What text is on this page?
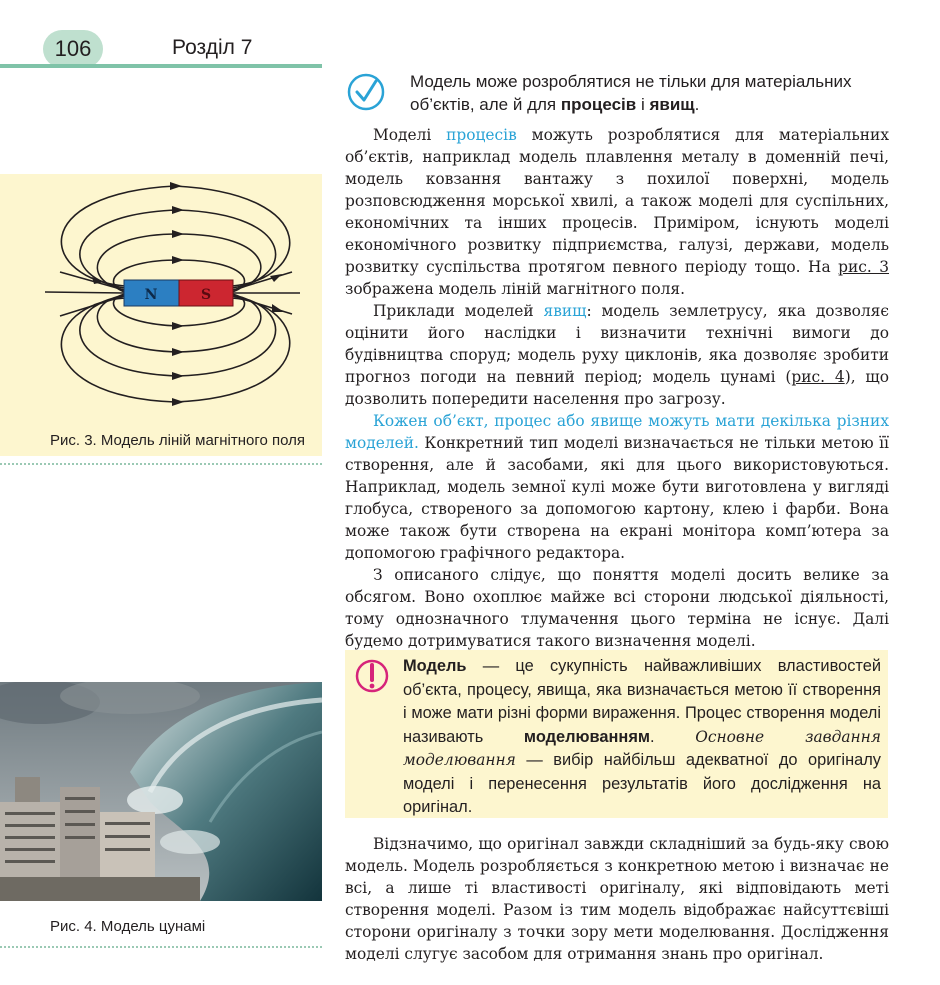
106	Розділ 7
N	S
Рис. 3. Модель ліній магнітного поля
Рис. 4. Модель цунамі
Модель може розроблятися не тільки для матеріальних об’єктів, але й для процесів і явищ.

Моделі процесів можуть розроблятися для матеріальних об’єктів, наприклад модель плавлення металу в доменній печі, модель ковзання вантажу з похилої поверхні, модель розповсюдження морської хвилі, а також моделі для суспільних, економічних та інших процесів. Приміром, існують моделі економічного розвитку підприємства, галузі, держави, модель розвитку суспільства протягом певного періоду тощо. На рис. 3 зображена модель ліній магнітного поля.

Приклади моделей явищ: модель землетрусу, яка дозволяє оцінити його наслідки і визначити технічні вимоги до будівництва споруд; модель руху циклонів, яка дозволяє зробити прогноз погоди на певний період; модель цунамі (рис. 4), що дозволить попередити населення про загрозу.

Кожен об’єкт, процес або явище можуть мати декілька різних моделей. Конкретний тип моделі визначається не тільки метою її створення, але й засобами, які для цього використовуються. Наприклад, модель земної кулі може бути виготовлена у вигляді глобуса, створеного за допомогою картону, клею і фарби. Вона може також бути створена на екрані монітора комп’ютера за допомогою графічного редактора.

З описаного слідує, що поняття моделі досить велике за обсягом. Воно охоплює майже всі сторони людської діяльності, тому однозначного тлумачення цього терміна не існує. Далі будемо дотримуватися такого визначення моделі.

Модель — це сукупність найважливіших властивостей об’єкта, процесу, явища, яка визначається метою її створення і може мати різні форми вираження. Процес створення моделі називають моделюванням. Основне завдання моделювання — вибір найбільш адекватної до оригіналу моделі і перенесення результатів його дослідження на оригінал.

Відзначимо, що оригінал завжди складніший за будь-яку свою модель. Модель розробляється з конкретною метою і визначає не всі, а лише ті властивості оригіналу, які відповідають меті створення моделі. Разом із тим модель відображає найсуттєвіші сторони оригіналу з точки зору мети моделювання. Дослідження моделі слугує засобом для отримання знань про оригінал.
